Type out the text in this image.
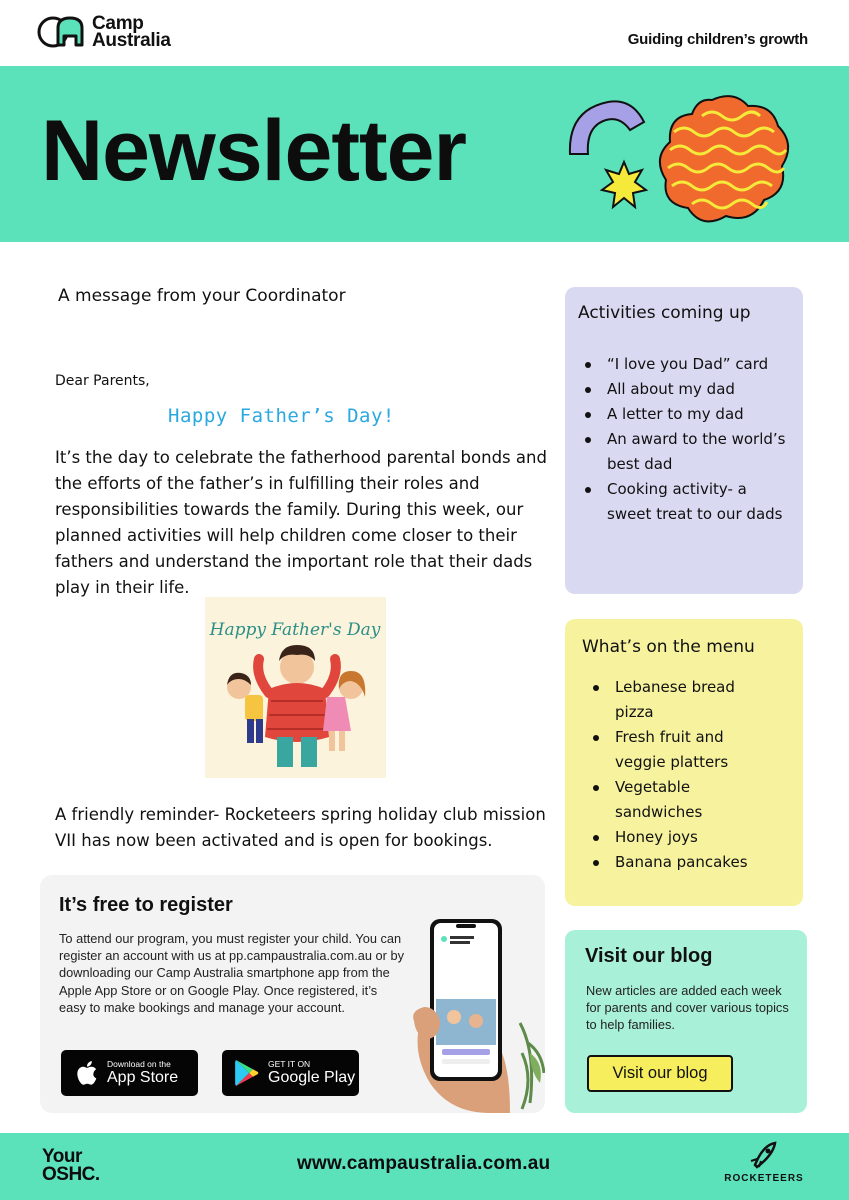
Camp
Australia	Guiding children’s growth
Newsletter
A message from your Coordinator
Dear Parents,
Happy Father’s Day!

It’s the day to celebrate the fatherhood parental bonds and the efforts of the father’s in fulfilling their roles and responsibilities towards the family. During this week, our planned activities will help children come closer to their fathers and understand the important role that their dads play in their life.

Happy Father's Day

A friendly reminder- Rocketeers spring holiday club mission VII has now been activated and is open for bookings.

It’s free to register

To attend our program, you must register your child. You can register an account with us at pp.campaustralia.com.au or by downloading our Camp Australia smartphone app from the Apple App Store or on Google Play. Once registered, it’s easy to make bookings and manage your account.

Download on the
App Store
GET IT ON
Google Play
Activities coming up
“I love you Dad” card
All about my dad
A letter to my dad
An award to the world’s best dad
Cooking activity- a sweet treat to our dads
What’s on the menu
Lebanese bread pizza
Fresh fruit and veggie platters
Vegetable sandwiches
Honey joys
Banana pancakes
Visit our blog

New articles are added each week for parents and cover various topics to help families.

Visit our blog
Your
OSHC.
www.campaustralia.com.au
ROCKETEERS
